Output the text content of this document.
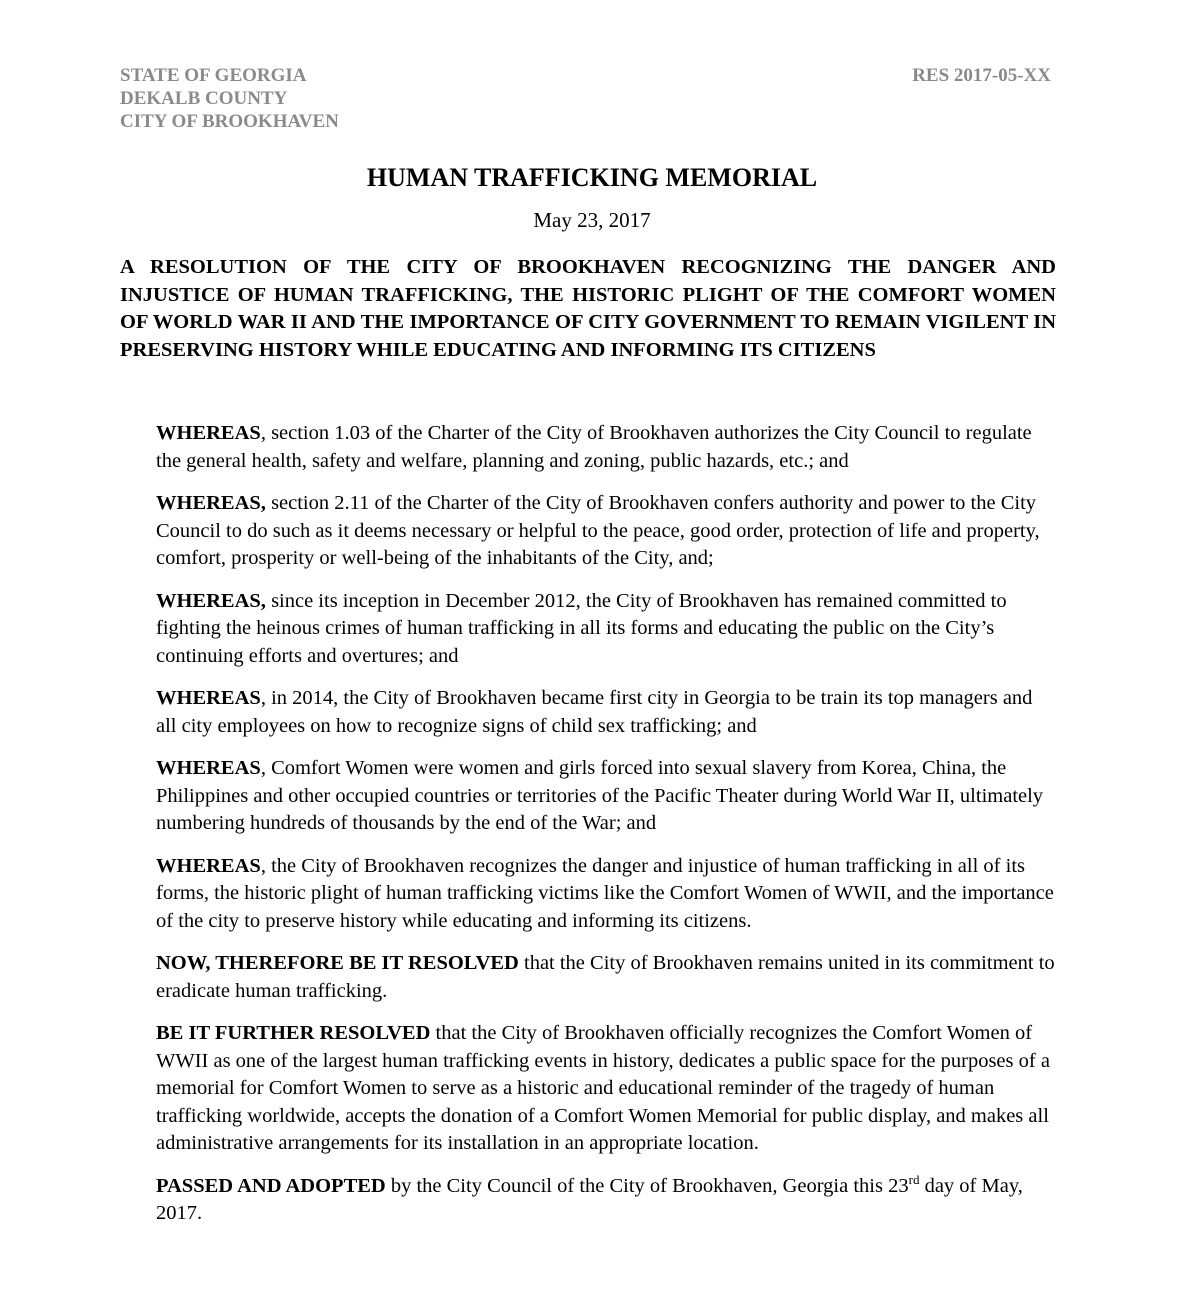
STATE OF GEORGIA
DEKALB COUNTY
CITY OF BROOKHAVEN
RES 2017-05-XX
HUMAN TRAFFICKING MEMORIAL
May 23, 2017
A RESOLUTION OF THE CITY OF BROOKHAVEN RECOGNIZING THE DANGER AND INJUSTICE OF HUMAN TRAFFICKING, THE HISTORIC PLIGHT OF THE COMFORT WOMEN OF WORLD WAR II AND THE IMPORTANCE OF CITY GOVERNMENT TO REMAIN VIGILENT IN PRESERVING HISTORY WHILE EDUCATING AND INFORMING ITS CITIZENS

WHEREAS, section 1.03 of the Charter of the City of Brookhaven authorizes the City Council to regulate the general health, safety and welfare, planning and zoning, public hazards, etc.; and

WHEREAS, section 2.11 of the Charter of the City of Brookhaven confers authority and power to the City Council to do such as it deems necessary or helpful to the peace, good order, protection of life and property, comfort, prosperity or well-being of the inhabitants of the City, and;

WHEREAS, since its inception in December 2012, the City of Brookhaven has remained committed to fighting the heinous crimes of human trafficking in all its forms and educating the public on the City’s continuing efforts and overtures; and

WHEREAS, in 2014, the City of Brookhaven became first city in Georgia to be train its top managers and all city employees on how to recognize signs of child sex trafficking; and

WHEREAS, Comfort Women were women and girls forced into sexual slavery from Korea, China, the Philippines and other occupied countries or territories of the Pacific Theater during World War II, ultimately numbering hundreds of thousands by the end of the War; and

WHEREAS, the City of Brookhaven recognizes the danger and injustice of human trafficking in all of its forms, the historic plight of human trafficking victims like the Comfort Women of WWII, and the importance of the city to preserve history while educating and informing its citizens.

NOW, THEREFORE BE IT RESOLVED that the City of Brookhaven remains united in its commitment to eradicate human trafficking.

BE IT FURTHER RESOLVED that the City of Brookhaven officially recognizes the Comfort Women of WWII as one of the largest human trafficking events in history, dedicates a public space for the purposes of a memorial for Comfort Women to serve as a historic and educational reminder of the tragedy of human trafficking worldwide, accepts the donation of a Comfort Women Memorial for public display, and makes all administrative arrangements for its installation in an appropriate location.

PASSED AND ADOPTED by the City Council of the City of Brookhaven, Georgia this 23rd day of May, 2017.
